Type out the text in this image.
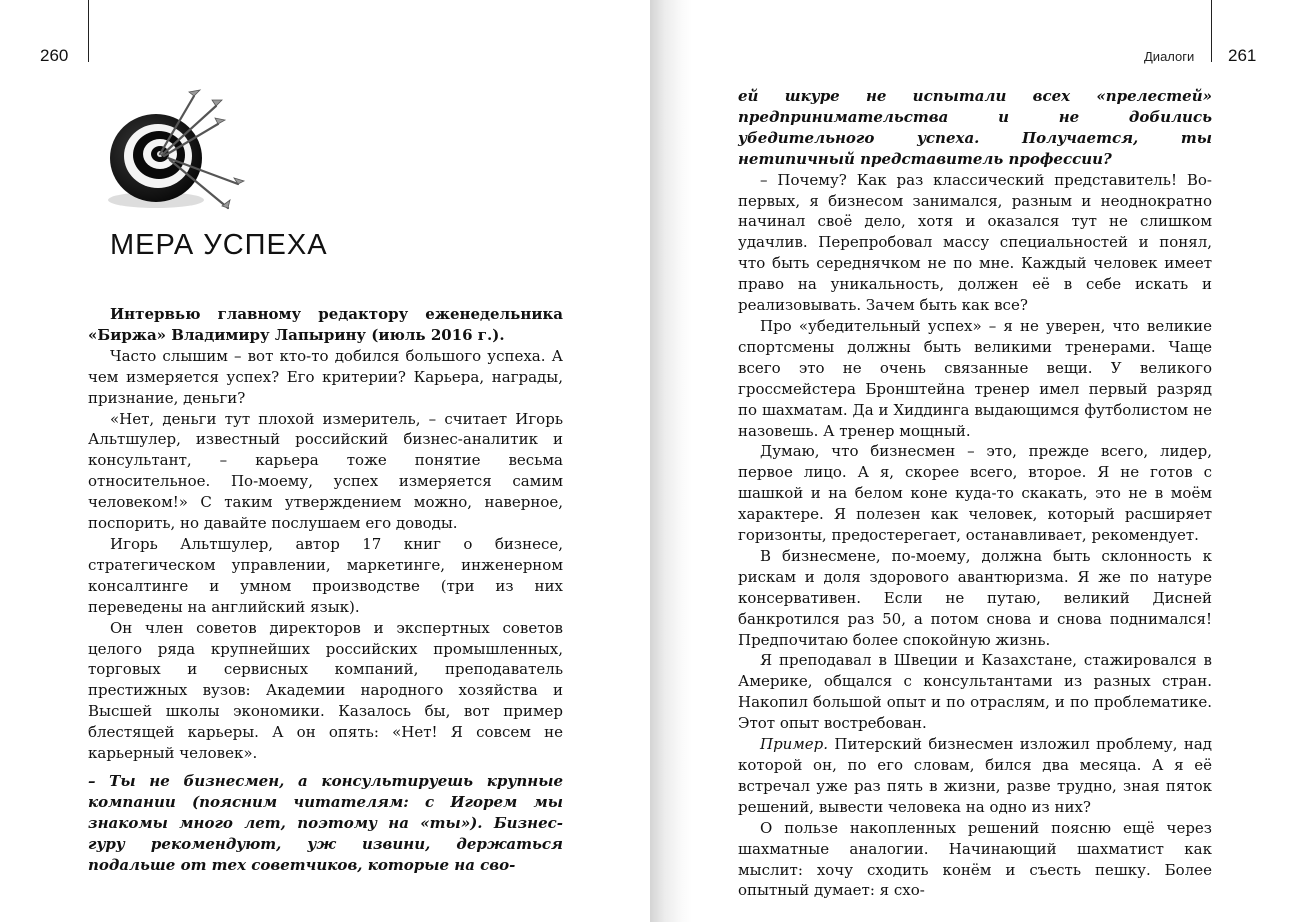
260	Диалоги 261
МЕРА УСПЕХА

Интервью главному редактору еженедельника «Биржа» Владимиру Лапырину (июль 2016 г.).

Часто слышим – вот кто-то добился большого успеха. А чем измеряется успех? Его критерии? Карьера, награды, признание, деньги?

«Нет, деньги тут плохой измеритель, – считает Игорь Альтшулер, известный российский бизнес-аналитик и консультант, – карьера тоже понятие весьма относительное. По-моему, успех измеряется самим человеком!» С таким утверждением можно, наверное, поспорить, но давайте послушаем его доводы.

Игорь Альтшулер, автор 17 книг о бизнесе, стратегическом управлении, маркетинге, инженерном консалтинге и умном производстве (три из них переведены на английский язык).

Он член советов директоров и экспертных советов целого ряда крупнейших российских промышленных, торговых и сервисных компаний, преподаватель престижных вузов: Академии народного хозяйства и Высшей школы экономики. Казалось бы, вот пример блестящей карьеры. А он опять: «Нет! Я совсем не карьерный человек».

– Ты не бизнесмен, а консультируешь крупные компании (поясним читателям: с Игорем мы знакомы много лет, поэтому на «ты»). Бизнес-гуру рекомендуют, уж извини, держаться подальше от тех советчиков, которые на сво-

ей шкуре не испытали всех «прелестей» предпринимательства и не добились убедительного успеха. Получается, ты нетипичный представитель профессии?

– Почему? Как раз классический представитель! Во-первых, я бизнесом занимался, разным и неоднократно начинал своё дело, хотя и оказался тут не слишком удачлив. Перепробовал массу специальностей и понял, что быть середнячком не по мне. Каждый человек имеет право на уникальность, должен её в себе искать и реализовывать. Зачем быть как все?

Про «убедительный успех» – я не уверен, что великие спортсмены должны быть великими тренерами. Чаще всего это не очень связанные вещи. У великого гроссмейстера Бронштейна тренер имел первый разряд по шахматам. Да и Хиддинга выдающимся футболистом не назовешь. А тренер мощный.

Думаю, что бизнесмен – это, прежде всего, лидер, первое лицо. А я, скорее всего, второе. Я не готов с шашкой и на белом коне куда-то скакать, это не в моём характере. Я полезен как человек, который расширяет горизонты, предостерегает, останавливает, рекомендует.

В бизнесмене, по-моему, должна быть склонность к рискам и доля здорового авантюризма. Я же по натуре консервативен. Если не путаю, великий Дисней банкротился раз 50, а потом снова и снова поднимался! Предпочитаю более спокойную жизнь.

Я преподавал в Швеции и Казахстане, стажировался в Америке, общался с консультантами из разных стран. Накопил большой опыт и по отраслям, и по проблематике. Этот опыт востребован.

Пример. Питерский бизнесмен изложил проблему, над которой он, по его словам, бился два месяца. А я её встречал уже раз пять в жизни, разве трудно, зная пяток решений, вывести человека на одно из них?

О пользе накопленных решений поясню ещё через шахматные аналогии. Начинающий шахматист как мыслит: хочу сходить конём и съесть пешку. Более опытный думает: я схо-
